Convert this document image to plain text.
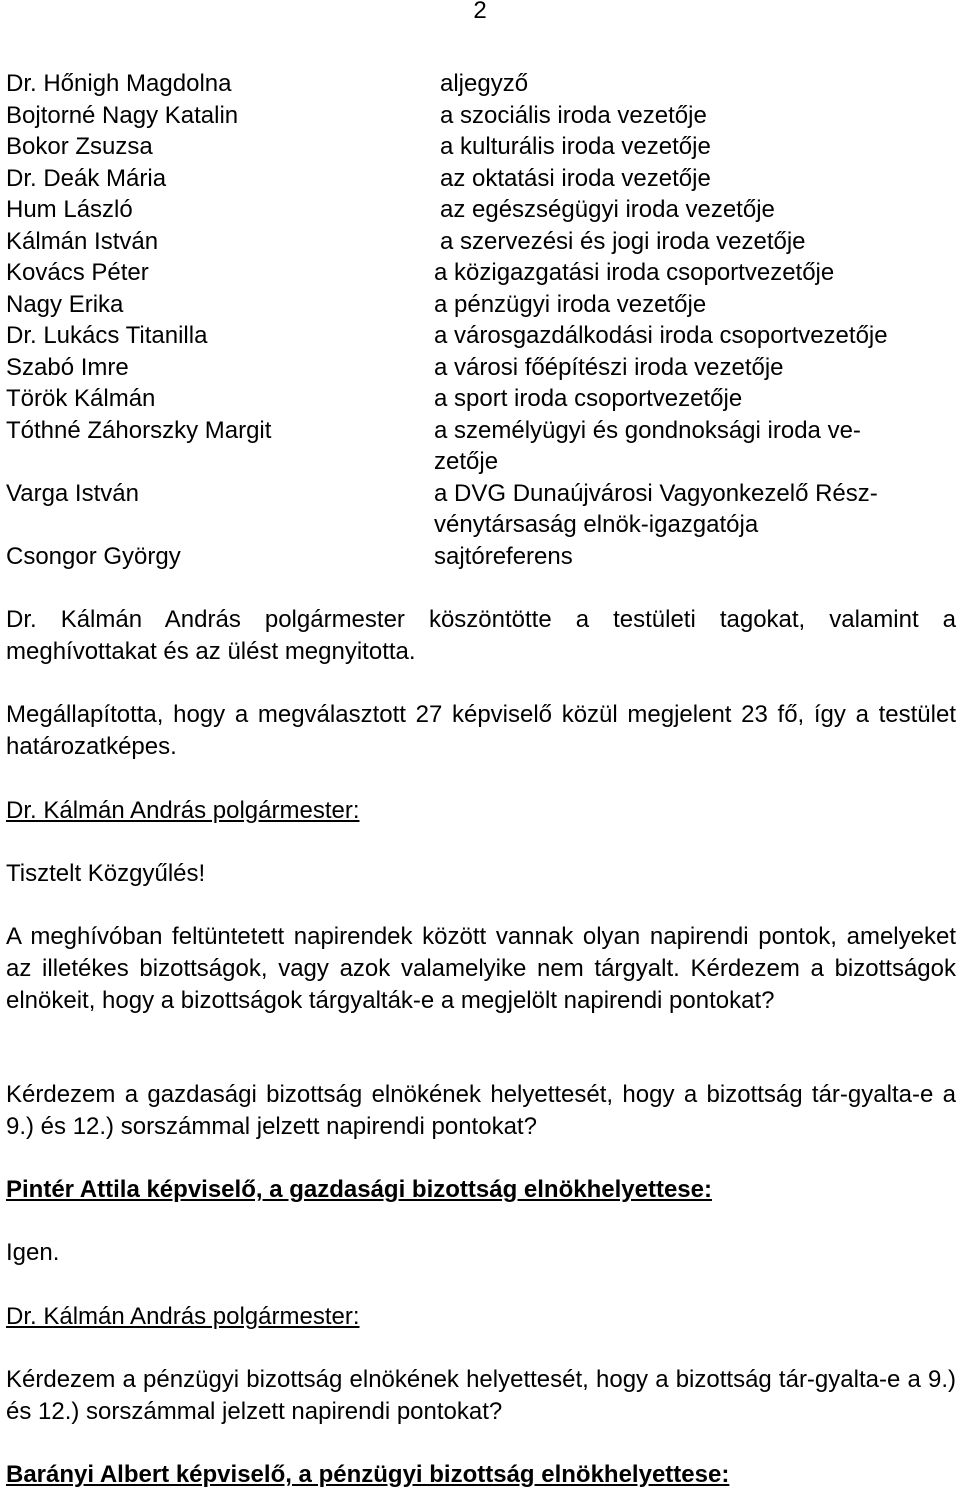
2
Dr. Hőnigh Magdolna	aljegyző
Bojtorné Nagy Katalin	a szociális iroda vezetője
Bokor Zsuzsa	a kulturális iroda vezetője
Dr. Deák Mária	az oktatási iroda vezetője
Hum László	az egészségügyi iroda vezetője
Kálmán István	a szervezési és jogi iroda vezetője
Kovács Péter	a közigazgatási iroda csoportvezetője
Nagy Erika	a pénzügyi iroda vezetője
Dr. Lukács Titanilla	a városgazdálkodási iroda csoportvezetője
Szabó Imre	a városi főépítészi iroda vezetője
Török Kálmán	a sport iroda csoportvezetője
Tóthné Záhorszky Margit	a személyügyi és gondnoksági iroda ve-
zetője
Varga István	a DVG Dunaújvárosi Vagyonkezelő Rész-
vénytársaság elnök-igazgatója
Csongor György	sajtóreferens

Dr. Kálmán András polgármester köszöntötte a testületi tagokat, valamint a meghívottakat és az ülést megnyitotta.

Megállapította, hogy a megválasztott 27 képviselő közül megjelent 23 fő, így a testület határozatképes.

Dr. Kálmán András polgármester:

Tisztelt Közgyűlés!

A meghívóban feltüntetett napirendek között vannak olyan napirendi pontok, amelyeket az illetékes bizottságok, vagy azok valamelyike nem tárgyalt. Kérdezem a bizottságok elnökeit, hogy a bizottságok tárgyalták-e a megjelölt napirendi pontokat?

Kérdezem a gazdasági bizottság elnökének helyettesét, hogy a bizottság tár-gyalta-e a 9.) és 12.) sorszámmal jelzett napirendi pontokat?

Pintér Attila képviselő, a gazdasági bizottság elnökhelyettese:

Igen.

Dr. Kálmán András polgármester:

Kérdezem a pénzügyi bizottság elnökének helyettesét, hogy a bizottság tár-gyalta-e a 9.) és 12.) sorszámmal jelzett napirendi pontokat?

Barányi Albert képviselő, a pénzügyi bizottság elnökhelyettese:
